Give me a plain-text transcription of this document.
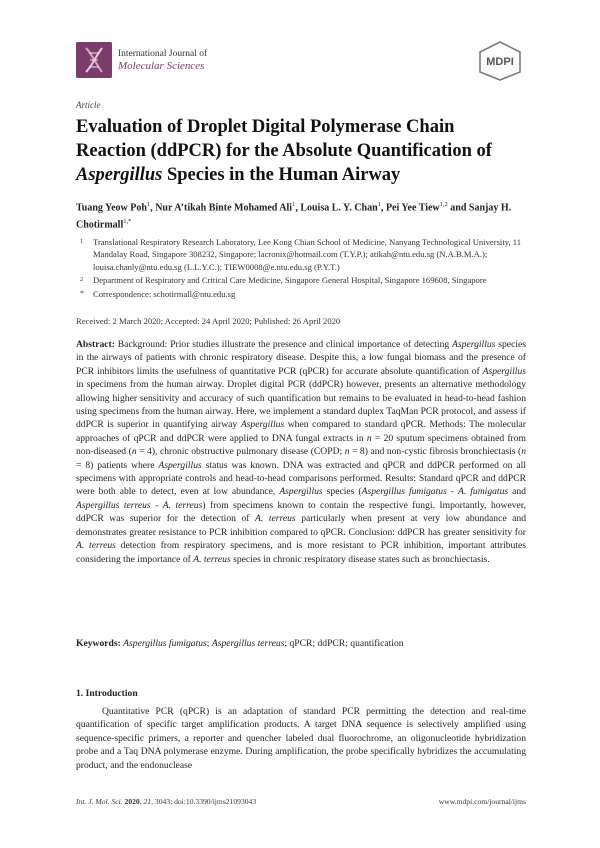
International Journal of
Molecular Sciences	MDPI
Article
Evaluation of Droplet Digital Polymerase Chain Reaction (ddPCR) for the Absolute Quantification of Aspergillus Species in the Human Airway
Tuang Yeow Poh$^1$, Nur A’tikah Binte Mohamed Ali$^1$, Louisa L. Y. Chan$^1$, Pei Yee Tiew$^{1,2}$ and Sanjay H. Chotirmall$^{1,*}$
1 Translational Respiratory Research Laboratory, Lee Kong Chian School of Medicine, Nanyang Technological University, 11 Mandalay Road, Singapore 308232, Singapore; lacronix@hotmail.com (T.Y.P.); atikah@ntu.edu.sg (N.A.B.M.A.); louisa.chanly@ntu.edu.sg (L.L.Y.C.); TIEW0008@e.ntu.edu.sg (P.Y.T.)
2 Department of Respiratory and Critical Care Medicine, Singapore General Hospital, Singapore 169608, Singapore
* Correspondence: schotirmall@ntu.edu.sg
Received: 2 March 2020; Accepted: 24 April 2020; Published: 26 April 2020
Abstract: Background: Prior studies illustrate the presence and clinical importance of detecting Aspergillus species in the airways of patients with chronic respiratory disease. Despite this, a low fungal biomass and the presence of PCR inhibitors limits the usefulness of quantitative PCR (qPCR) for accurate absolute quantification of Aspergillus in specimens from the human airway. Droplet digital PCR (ddPCR) however, presents an alternative methodology allowing higher sensitivity and accuracy of such quantification but remains to be evaluated in head-to-head fashion using specimens from the human airway. Here, we implement a standard duplex TaqMan PCR protocol, and assess if ddPCR is superior in quantifying airway Aspergillus when compared to standard qPCR. Methods: The molecular approaches of qPCR and ddPCR were applied to DNA fungal extracts in n = 20 sputum specimens obtained from non-diseased (n = 4), chronic obstructive pulmonary disease (COPD; n = 8) and non-cystic fibrosis bronchiectasis (n = 8) patients where Aspergillus status was known. DNA was extracted and qPCR and ddPCR performed on all specimens with appropriate controls and head-to-head comparisons performed. Results: Standard qPCR and ddPCR were both able to detect, even at low abundance, Aspergillus species (Aspergillus fumigatus - A. fumigatus and Aspergillus terreus - A. terreus) from specimens known to contain the respective fungi. Importantly, however, ddPCR was superior for the detection of A. terreus particularly when present at very low abundance and demonstrates greater resistance to PCR inhibition compared to qPCR. Conclusion: ddPCR has greater sensitivity for A. terreus detection from respiratory specimens, and is more resistant to PCR inhibition, important attributes considering the importance of A. terreus species in chronic respiratory disease states such as bronchiectasis.
Keywords: Aspergillus fumigatus; Aspergillus terreus; qPCR; ddPCR; quantification
1. Introduction
Quantitative PCR (qPCR) is an adaptation of standard PCR permitting the detection and real-time quantification of specific target amplification products. A target DNA sequence is selectively amplified using sequence-specific primers, a reporter and quencher labeled dual fluorochrome, an oligonucleotide hybridization probe and a Taq DNA polymerase enzyme. During amplification, the probe specifically hybridizes the accumulating product, and the endonuclease
Int. J. Mol. Sci. 2020, 21, 3043; doi:10.3390/ijms21093043	www.mdpi.com/journal/ijms
